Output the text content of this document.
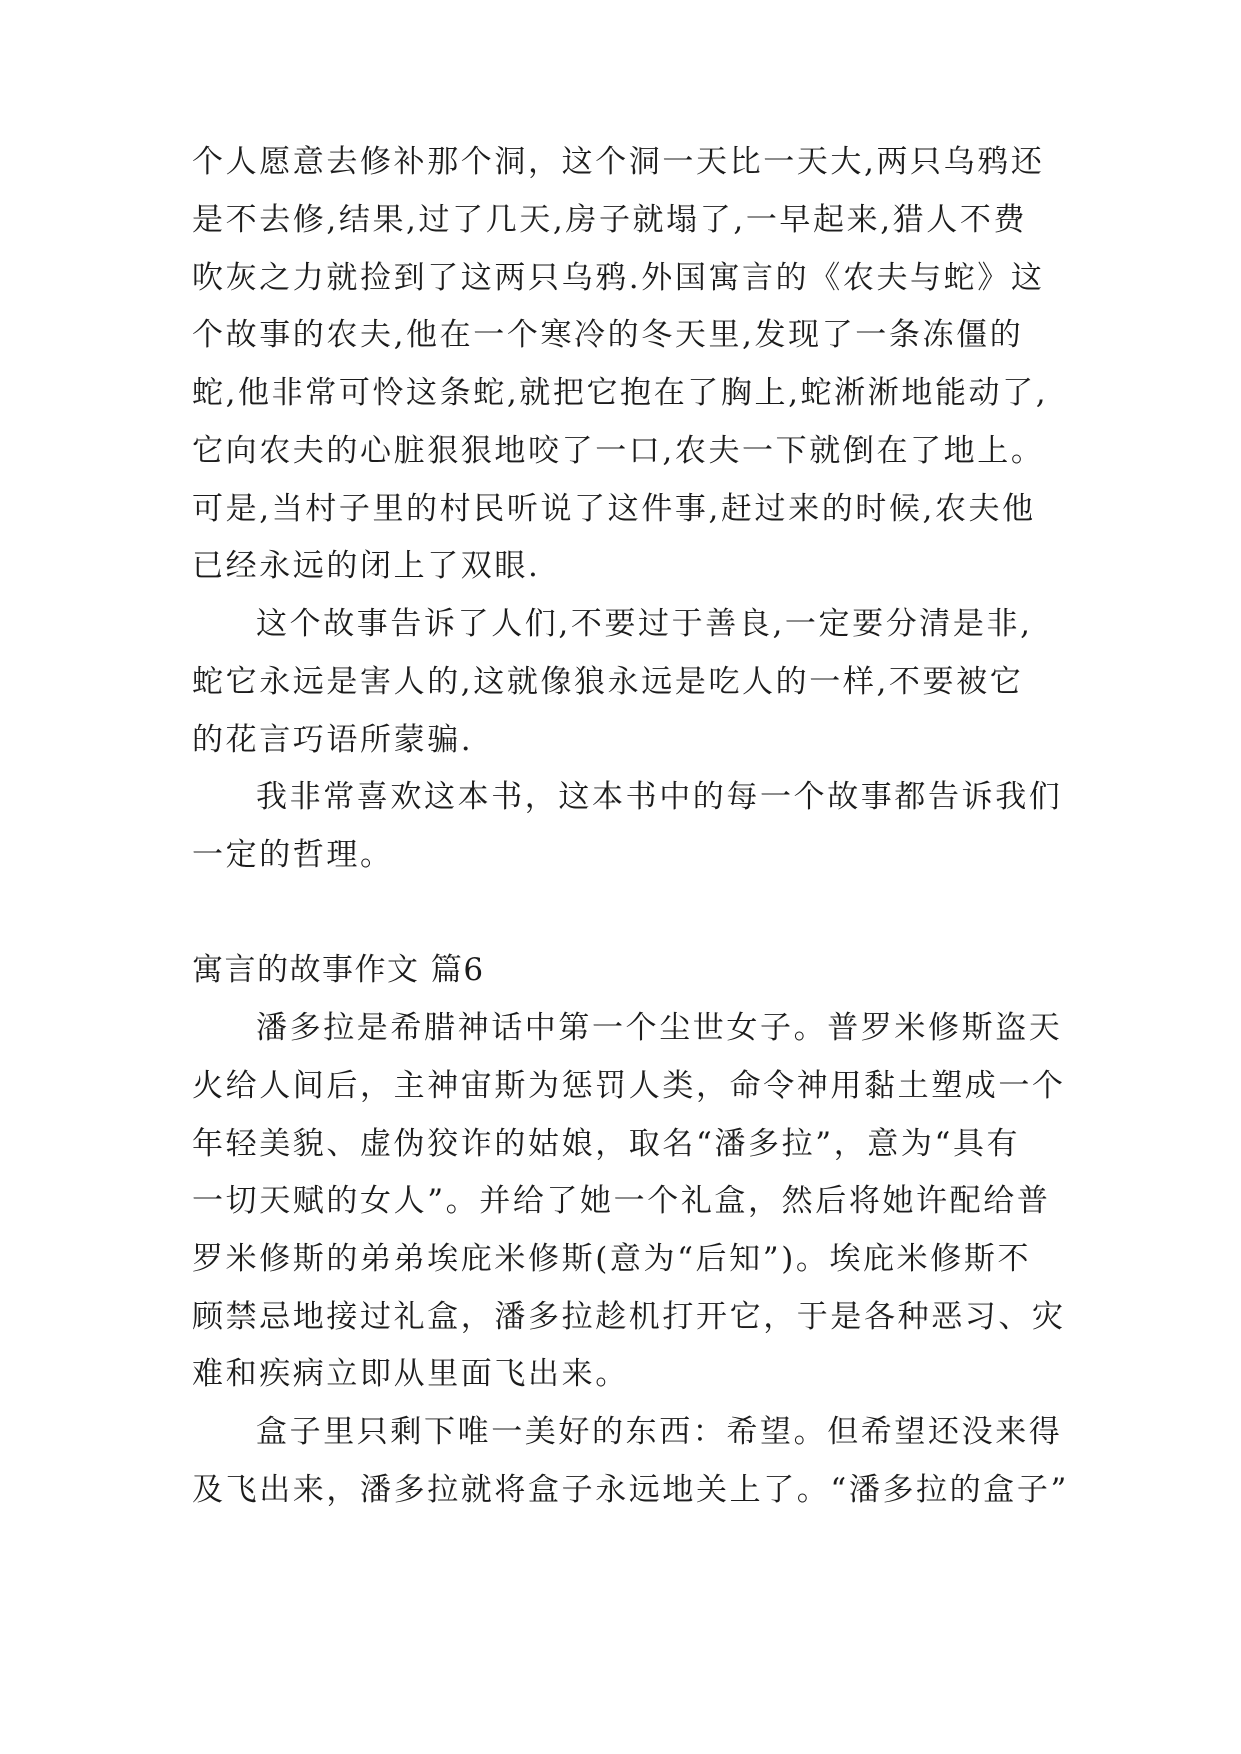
个人愿意去修补那个洞，这个洞一天比一天大,两只乌鸦还

是不去修,结果,过了几天,房子就塌了,一早起来,猎人不费

吹灰之力就捡到了这两只乌鸦.外国寓言的《农夫与蛇》这

个故事的农夫,他在一个寒冷的冬天里,发现了一条冻僵的

蛇,他非常可怜这条蛇,就把它抱在了胸上,蛇淅淅地能动了,

它向农夫的心脏狠狠地咬了一口,农夫一下就倒在了地上。

可是,当村子里的村民听说了这件事,赶过来的时候,农夫他

已经永远的闭上了双眼.

这个故事告诉了人们,不要过于善良,一定要分清是非,

蛇它永远是害人的,这就像狼永远是吃人的一样,不要被它

的花言巧语所蒙骗.

我非常喜欢这本书，这本书中的每一个故事都告诉我们

一定的哲理。

寓言的故事作文 篇6

潘多拉是希腊神话中第一个尘世女子。普罗米修斯盗天

火给人间后，主神宙斯为惩罚人类，命令神用黏土塑成一个

年轻美貌、虚伪狡诈的姑娘，取名“潘多拉”，意为“具有

一切天赋的女人”。并给了她一个礼盒，然后将她许配给普

罗米修斯的弟弟埃庇米修斯(意为“后知”)。埃庇米修斯不

顾禁忌地接过礼盒，潘多拉趁机打开它，于是各种恶习、灾

难和疾病立即从里面飞出来。

盒子里只剩下唯一美好的东西：希望。但希望还没来得

及飞出来，潘多拉就将盒子永远地关上了。“潘多拉的盒子”
